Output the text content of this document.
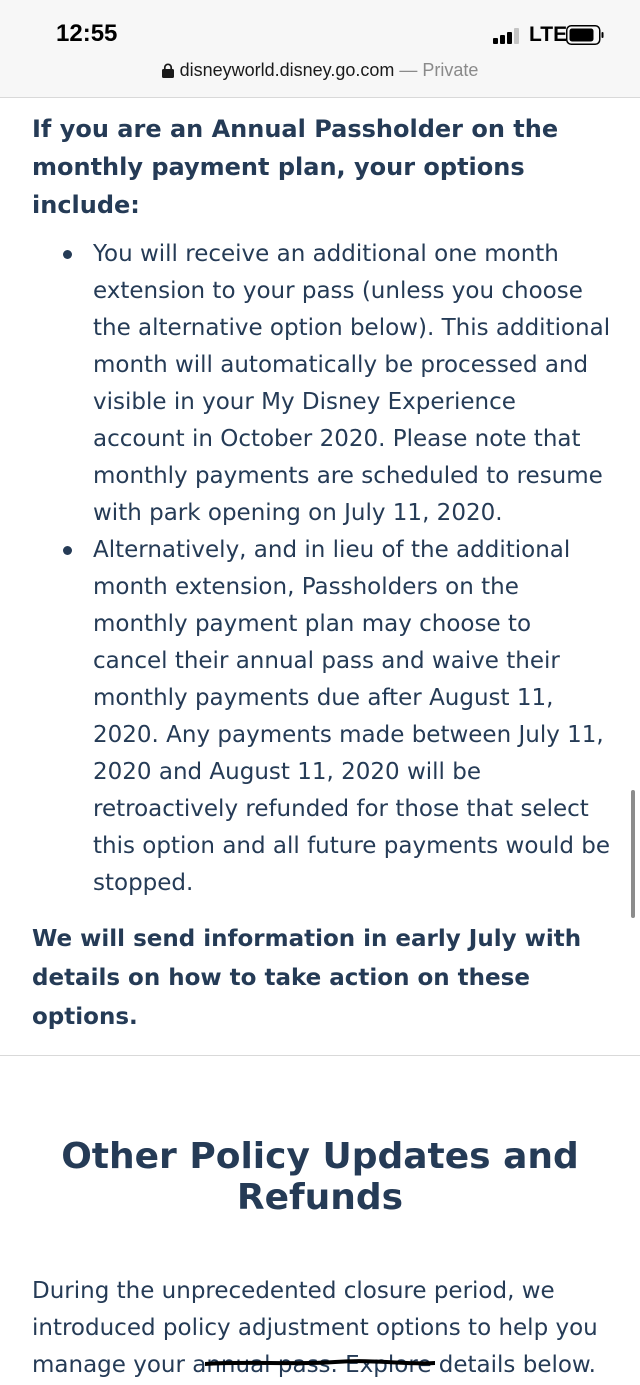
12:55	LTE
disneyworld.disney.go.com — Private
If you are an Annual Passholder on the monthly payment plan, your options include:
You will receive an additional one month extension to your pass (unless you choose the alternative option below). This additional month will automatically be processed and visible in your My Disney Experience account in October 2020. Please note that monthly payments are scheduled to resume with park opening on July 11, 2020.
Alternatively, and in lieu of the additional month extension, Passholders on the monthly payment plan may choose to cancel their annual pass and waive their monthly payments due after August 11, 2020. Any payments made between July 11, 2020 and August 11, 2020 will be retroactively refunded for those that select this option and all future payments would be stopped.
We will send information in early July with details on how to take action on these options.
Other Policy Updates and Refunds
During the unprecedented closure period, we introduced policy adjustment options to help you manage your annual pass. Explore details below.
